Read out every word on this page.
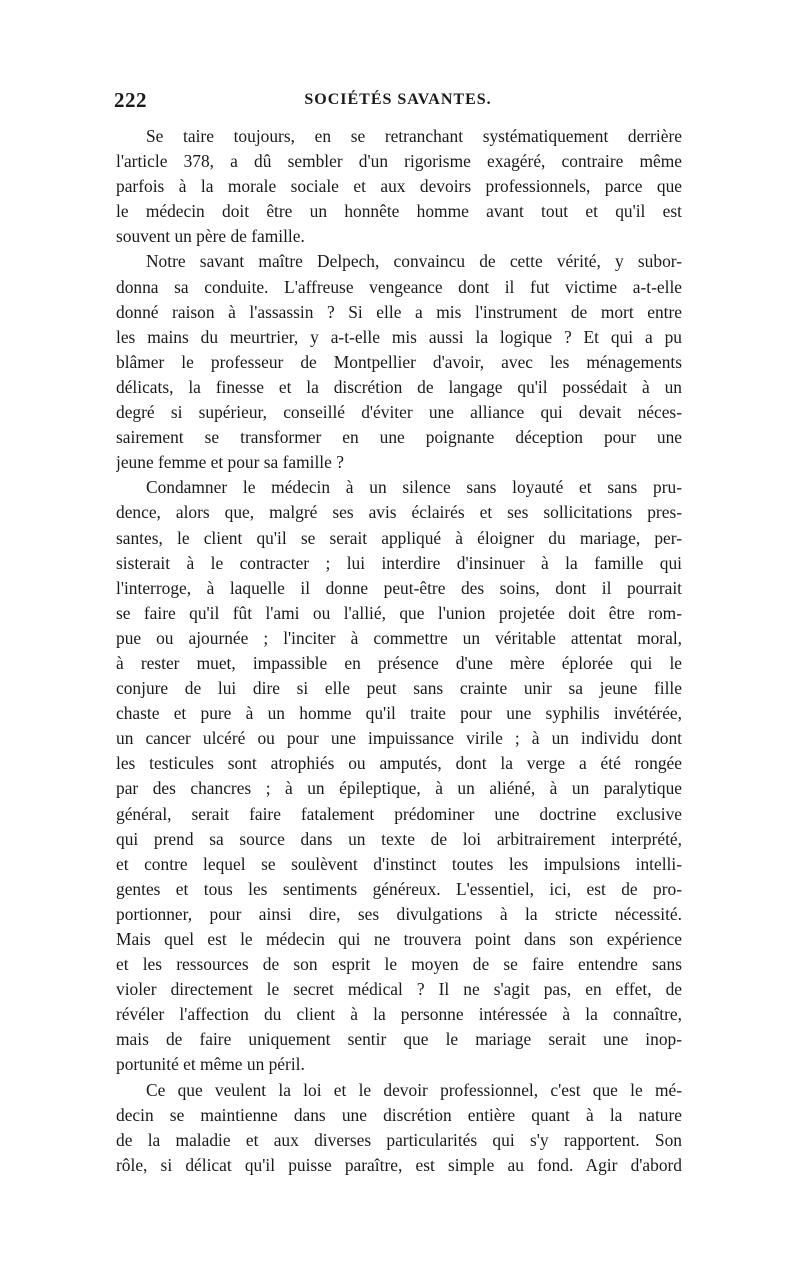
222	SOCIÉTÉS SAVANTES.

Se taire toujours, en se retranchant systématiquement derrière
l'article 378, a dû sembler d'un rigorisme exagéré, contraire même
parfois à la morale sociale et aux devoirs professionnels, parce que
le médecin doit être un honnête homme avant tout et qu'il est
souvent un père de famille.

Notre savant maître Delpech, convaincu de cette vérité, y subor-
donna sa conduite. L'affreuse vengeance dont il fut victime a-t-elle
donné raison à l'assassin ? Si elle a mis l'instrument de mort entre
les mains du meurtrier, y a-t-elle mis aussi la logique ? Et qui a pu
blâmer le professeur de Montpellier d'avoir, avec les ménagements
délicats, la finesse et la discrétion de langage qu'il possédait à un
degré si supérieur, conseillé d'éviter une alliance qui devait néces-
sairement se transformer en une poignante déception pour une
jeune femme et pour sa famille ?

Condamner le médecin à un silence sans loyauté et sans pru-
dence, alors que, malgré ses avis éclairés et ses sollicitations pres-
santes, le client qu'il se serait appliqué à éloigner du mariage, per-
sisterait à le contracter ; lui interdire d'insinuer à la famille qui
l'interroge, à laquelle il donne peut-être des soins, dont il pourrait
se faire qu'il fût l'ami ou l'allié, que l'union projetée doit être rom-
pue ou ajournée ; l'inciter à commettre un véritable attentat moral,
à rester muet, impassible en présence d'une mère éplorée qui le
conjure de lui dire si elle peut sans crainte unir sa jeune fille
chaste et pure à un homme qu'il traite pour une syphilis invétérée,
un cancer ulcéré ou pour une impuissance virile ; à un individu dont
les testicules sont atrophiés ou amputés, dont la verge a été rongée
par des chancres ; à un épileptique, à un aliéné, à un paralytique
général, serait faire fatalement prédominer une doctrine exclusive
qui prend sa source dans un texte de loi arbitrairement interprété,
et contre lequel se soulèvent d'instinct toutes les impulsions intelli-
gentes et tous les sentiments généreux. L'essentiel, ici, est de pro-
portionner, pour ainsi dire, ses divulgations à la stricte nécessité.
Mais quel est le médecin qui ne trouvera point dans son expérience
et les ressources de son esprit le moyen de se faire entendre sans
violer directement le secret médical ? Il ne s'agit pas, en effet, de
révéler l'affection du client à la personne intéressée à la connaître,
mais de faire uniquement sentir que le mariage serait une inop-
portunité et même un péril.

Ce que veulent la loi et le devoir professionnel, c'est que le mé-
decin se maintienne dans une discrétion entière quant à la nature
de la maladie et aux diverses particularités qui s'y rapportent. Son
rôle, si délicat qu'il puisse paraître, est simple au fond. Agir d'abord
